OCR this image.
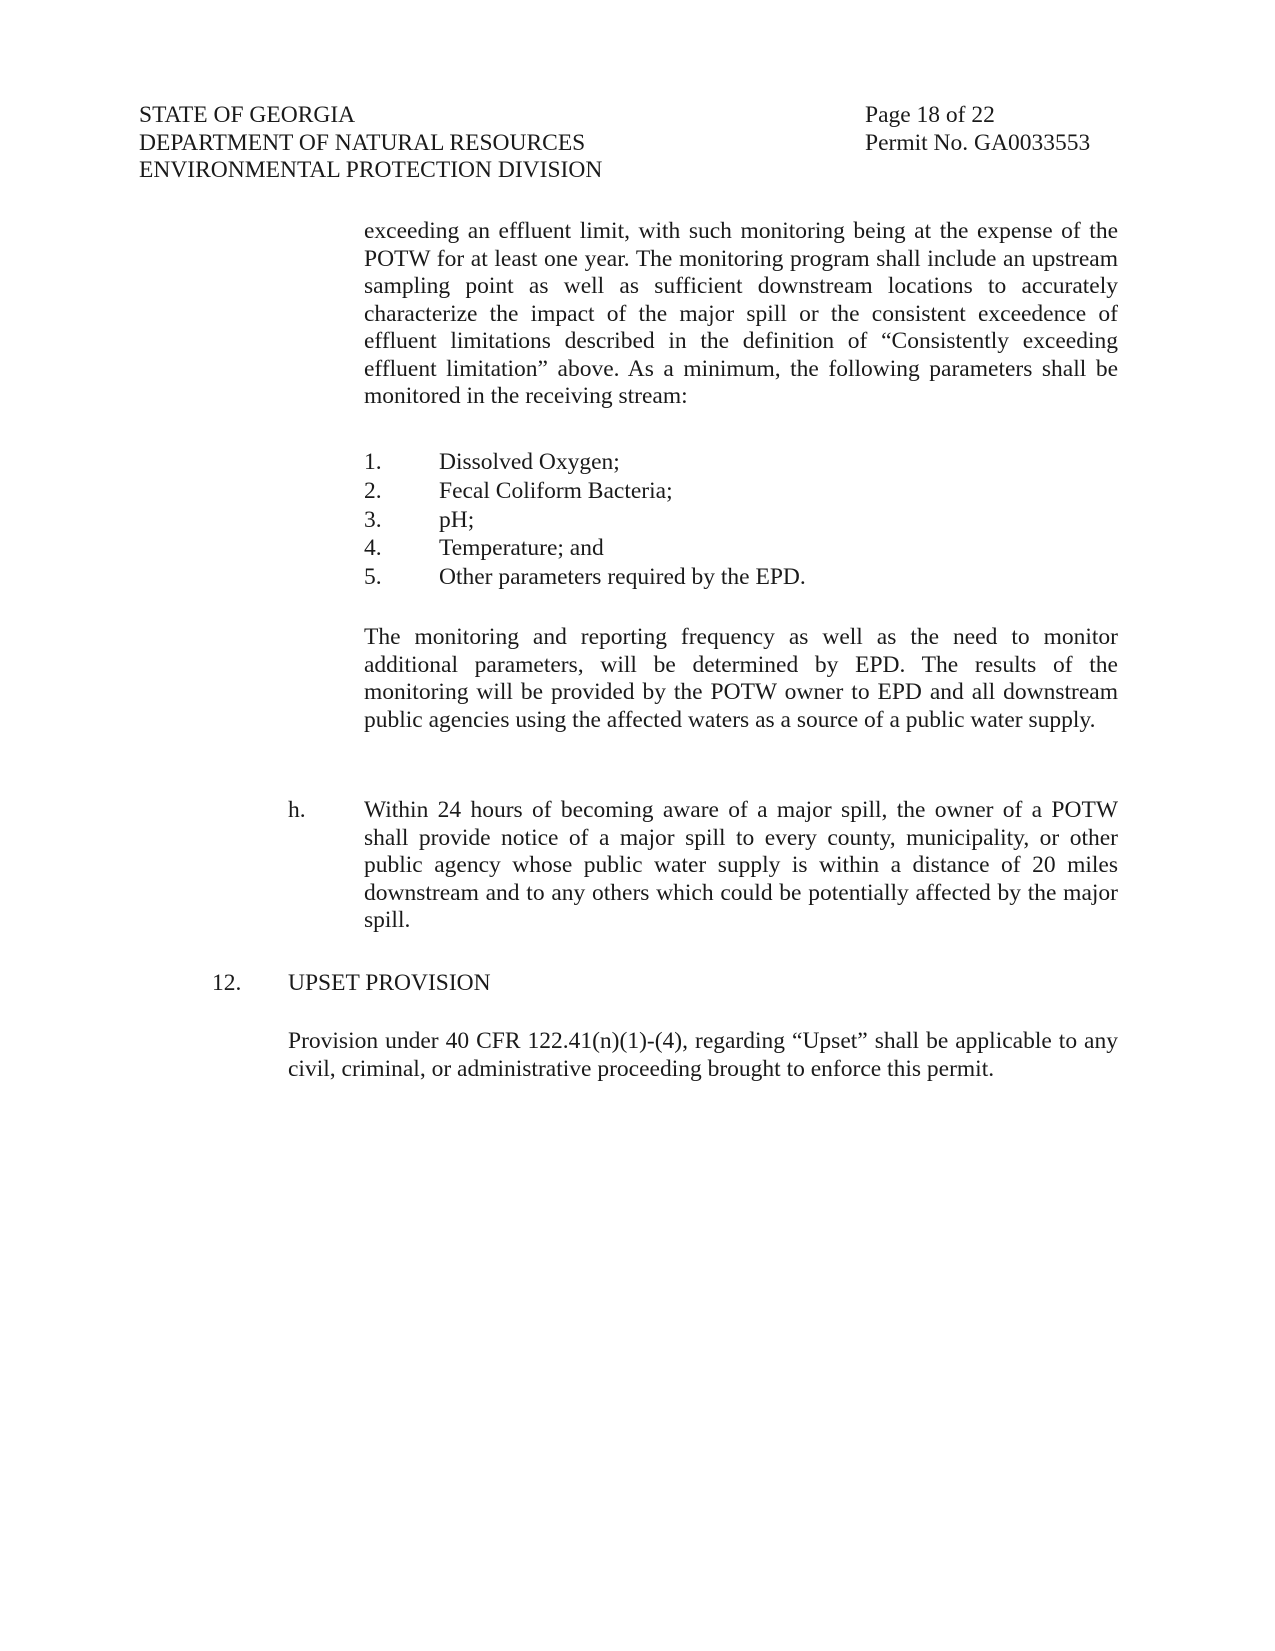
STATE OF GEORGIA
DEPARTMENT OF NATURAL RESOURCES
ENVIRONMENTAL PROTECTION DIVISION
Page 18 of 22
Permit No. GA0033553
exceeding an effluent limit, with such monitoring being at the expense of the POTW for at least one year. The monitoring program shall include an upstream sampling point as well as sufficient downstream locations to accurately characterize the impact of the major spill or the consistent exceedence of effluent limitations described in the definition of “Consistently exceeding effluent limitation” above. As a minimum, the following parameters shall be monitored in the receiving stream:
1.	Dissolved Oxygen;
2.	Fecal Coliform Bacteria;
3.	pH;
4.	Temperature; and
5.	Other parameters required by the EPD.
The monitoring and reporting frequency as well as the need to monitor additional parameters, will be determined by EPD. The results of the monitoring will be provided by the POTW owner to EPD and all downstream public agencies using the affected waters as a source of a public water supply.
h. Within 24 hours of becoming aware of a major spill, the owner of a POTW shall provide notice of a major spill to every county, municipality, or other public agency whose public water supply is within a distance of 20 miles downstream and to any others which could be potentially affected by the major spill.
12. UPSET PROVISION
Provision under 40 CFR 122.41(n)(1)-(4), regarding “Upset” shall be applicable to any civil, criminal, or administrative proceeding brought to enforce this permit.
